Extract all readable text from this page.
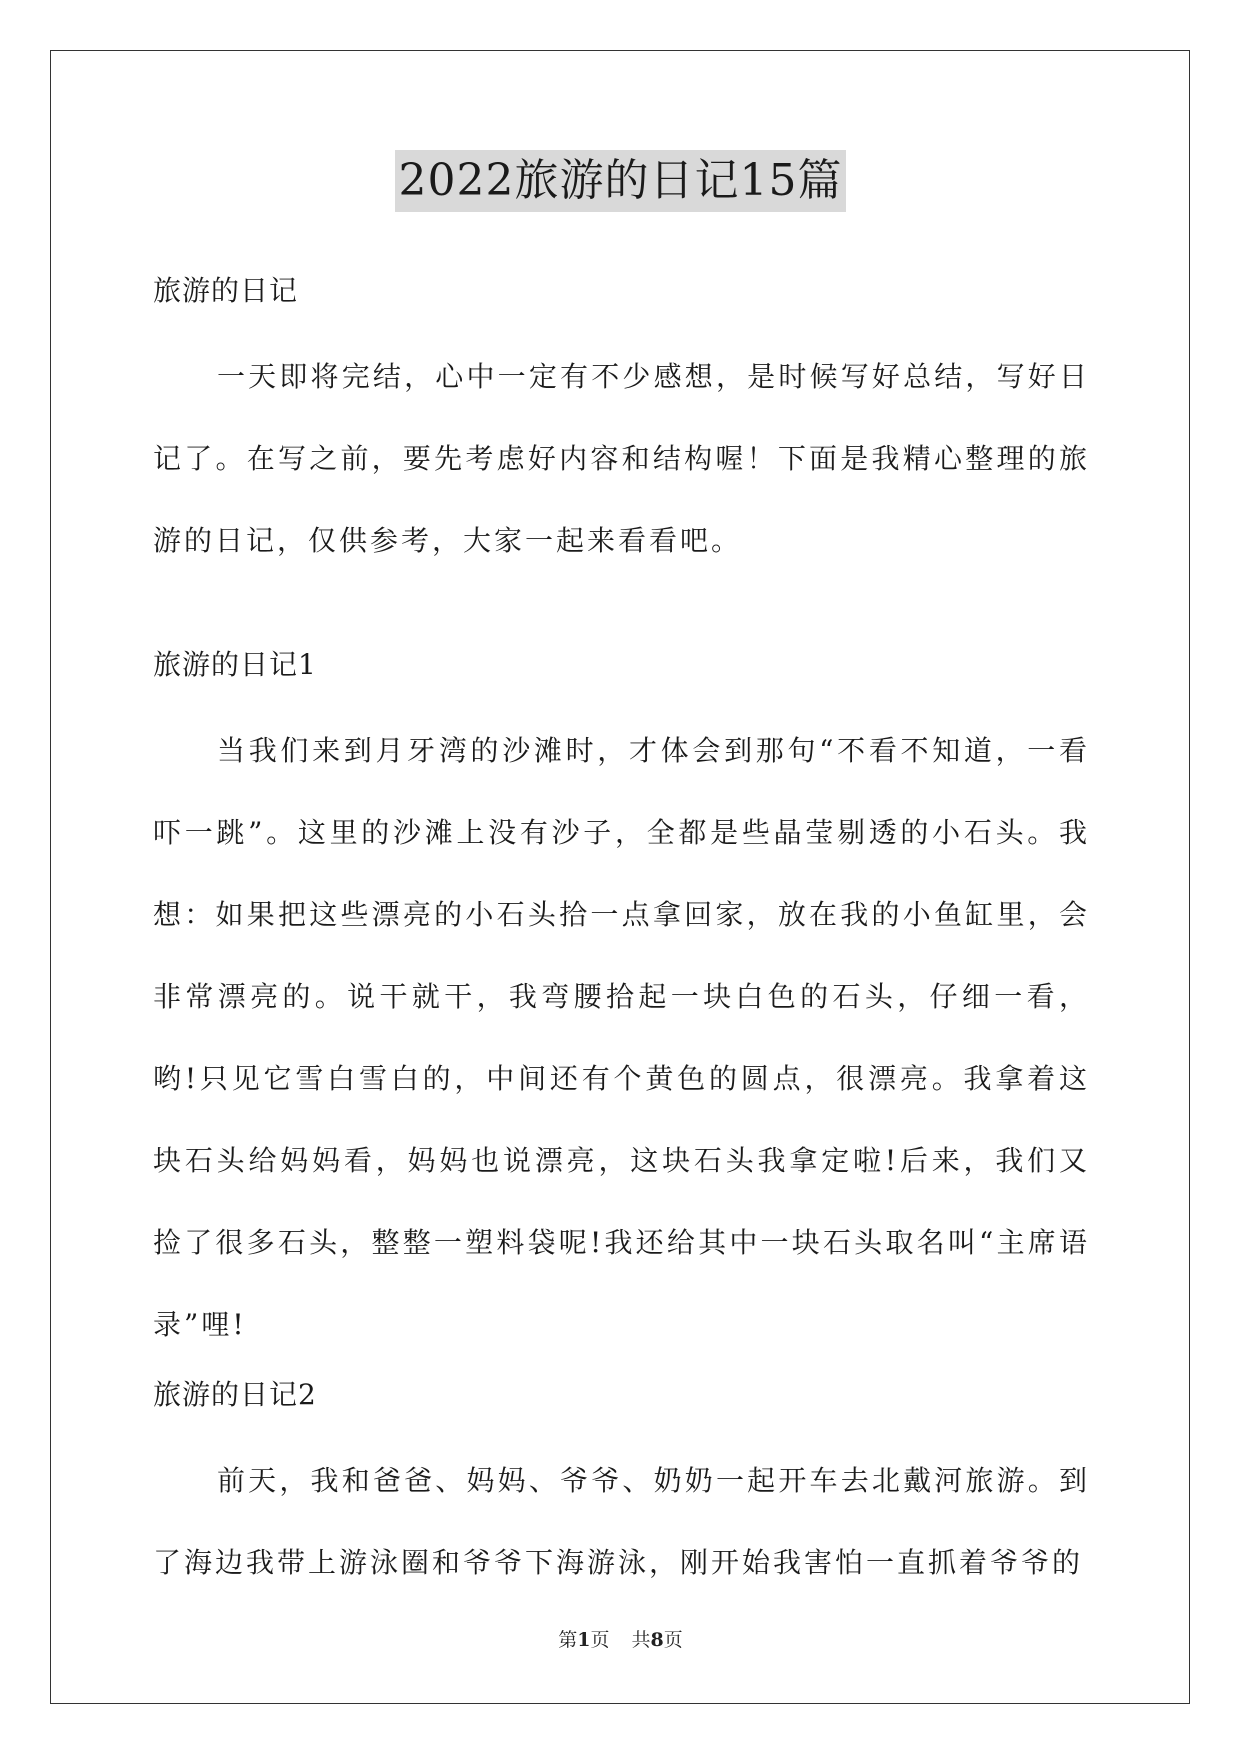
2022旅游的日记15篇
旅游的日记
一天即将完结，心中一定有不少感想，是时候写好总结，写好日记了。在写之前，要先考虑好内容和结构喔！下面是我精心整理的旅游的日记，仅供参考，大家一起来看看吧。
旅游的日记1
当我们来到月牙湾的沙滩时，才体会到那句“不看不知道，一看吓一跳”。这里的沙滩上没有沙子，全都是些晶莹剔透的小石头。我想：如果把这些漂亮的小石头拾一点拿回家，放在我的小鱼缸里，会非常漂亮的。说干就干，我弯腰拾起一块白色的石头，仔细一看，哟!只见它雪白雪白的，中间还有个黄色的圆点，很漂亮。我拿着这块石头给妈妈看，妈妈也说漂亮，这块石头我拿定啦!后来，我们又捡了很多石头，整整一塑料袋呢!我还给其中一块石头取名叫“主席语录”哩!
旅游的日记2
前天，我和爸爸、妈妈、爷爷、奶奶一起开车去北戴河旅游。到了海边我带上游泳圈和爷爷下海游泳，刚开始我害怕一直抓着爷爷的
第1页 共8页
